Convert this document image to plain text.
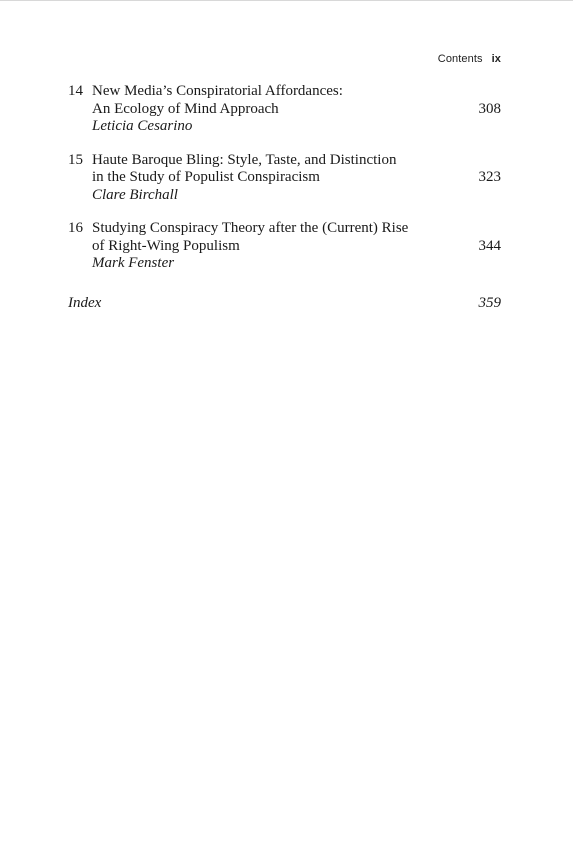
Contents ix
14 New Media’s Conspiratorial Affordances:
An Ecology of Mind Approach
Leticia Cesarino
308
15 Haute Baroque Bling: Style, Taste, and Distinction
in the Study of Populist Conspiracism
Clare Birchall
323
16 Studying Conspiracy Theory after the (Current) Rise
of Right-Wing Populism
Mark Fenster
344
Index	359
